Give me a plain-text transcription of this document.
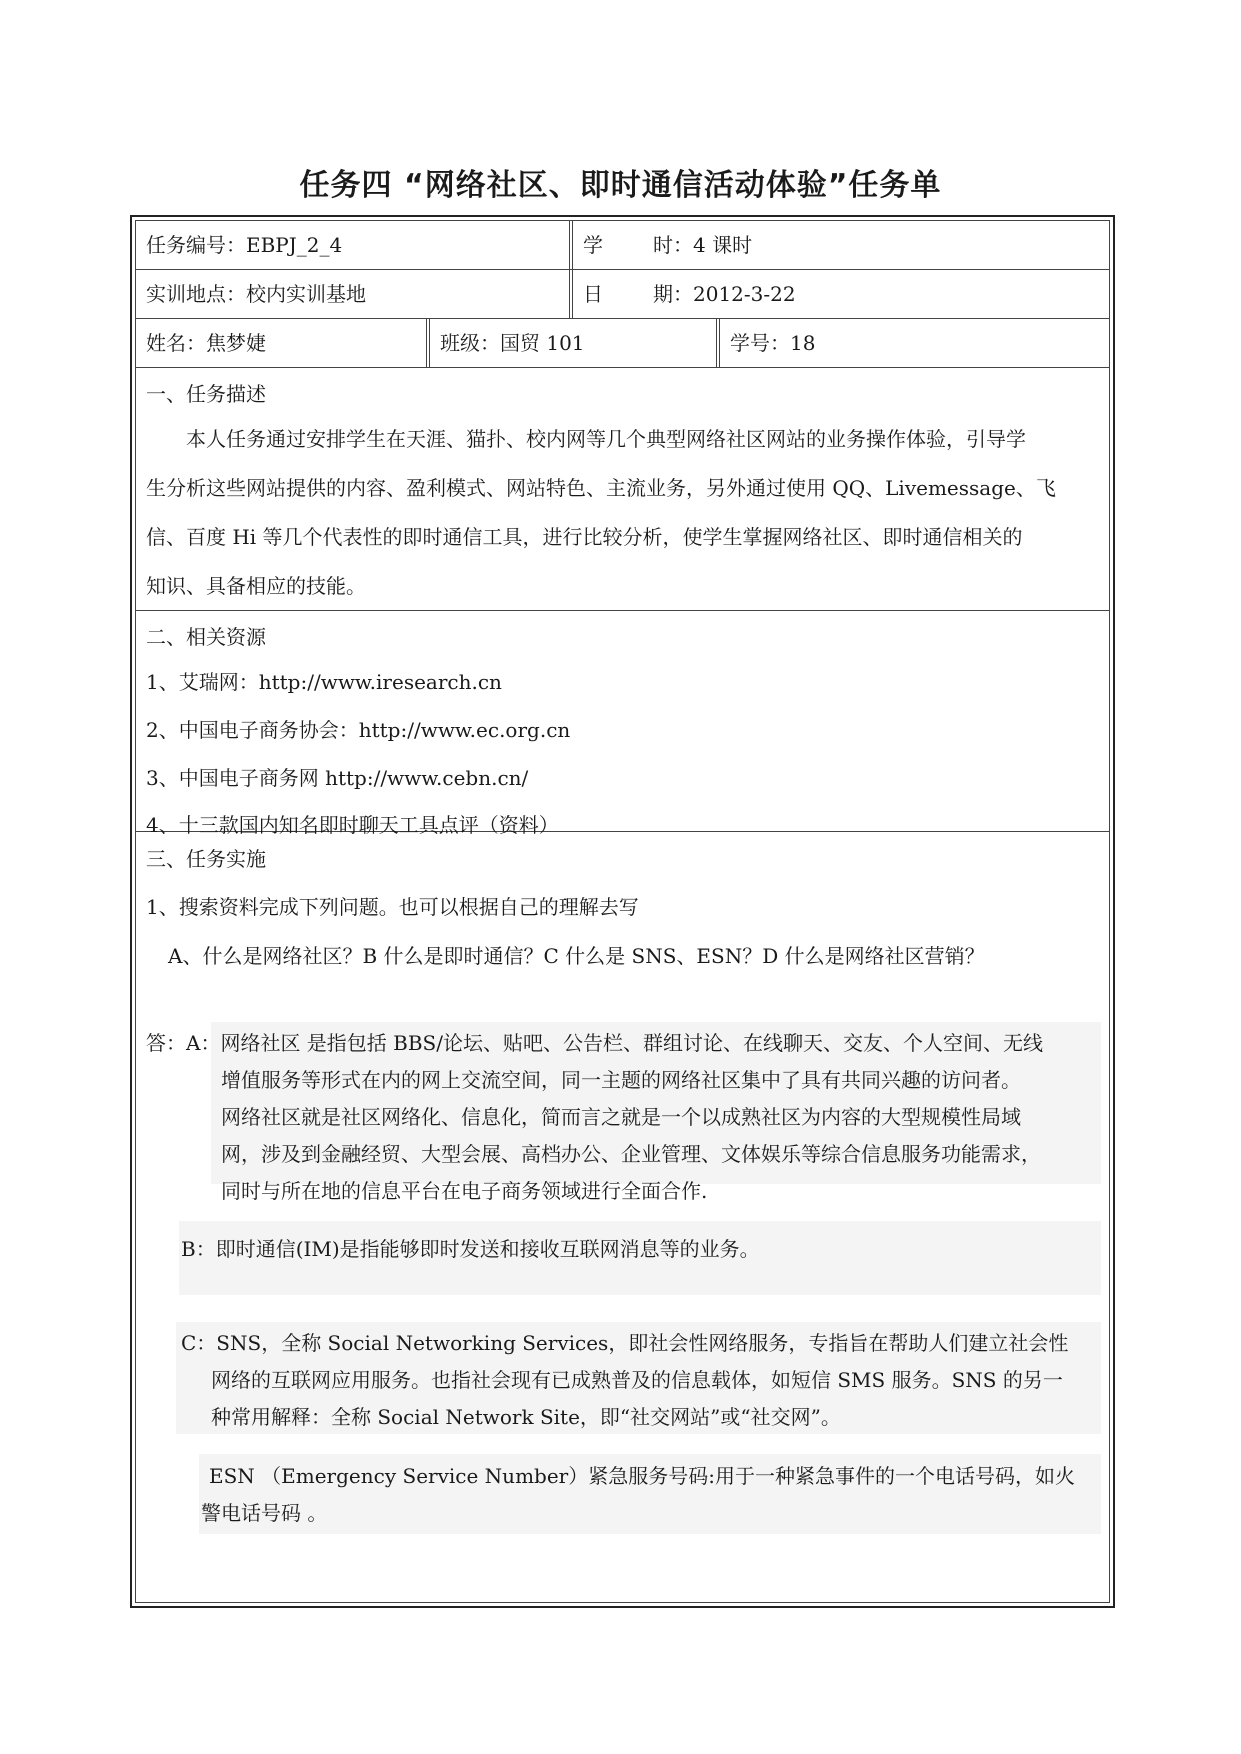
任务四 “网络社区、即时通信活动体验”任务单
任务编号：EBPJ_2_4	学	时：4 课时
实训地点：校内实训基地	日	期：2012-3-22
姓名：焦梦婕	班级：国贸 101	学号：18
一、任务描述
本人任务通过安排学生在天涯、猫扑、校内网等几个典型网络社区网站的业务操作体验，引导学
生分析这些网站提供的内容、盈利模式、网站特色、主流业务，另外通过使用 QQ、Livemessage、飞
信、百度 Hi 等几个代表性的即时通信工具，进行比较分析，使学生掌握网络社区、即时通信相关的
知识、具备相应的技能。
二、相关资源
1、艾瑞网：http://www.iresearch.cn
2、中国电子商务协会：http://www.ec.org.cn
3、中国电子商务网 http://www.cebn.cn/
4、十三款国内知名即时聊天工具点评（资料）
三、任务实施
1、搜索资料完成下列问题。也可以根据自己的理解去写
A、什么是网络社区？B 什么是即时通信？C 什么是 SNS、ESN？D 什么是网络社区营销？
答：A：网络社区 是指包括 BBS/论坛、贴吧、公告栏、群组讨论、在线聊天、交友、个人空间、无线
增值服务等形式在内的网上交流空间，同一主题的网络社区集中了具有共同兴趣的访问者。
网络社区就是社区网络化、信息化，简而言之就是一个以成熟社区为内容的大型规模性局域
网，涉及到金融经贸、大型会展、高档办公、企业管理、文体娱乐等综合信息服务功能需求，
同时与所在地的信息平台在电子商务领域进行全面合作.
B：即时通信(IM)是指能够即时发送和接收互联网消息等的业务。
C：SNS，全称 Social Networking Services，即社会性网络服务，专指旨在帮助人们建立社会性
网络的互联网应用服务。也指社会现有已成熟普及的信息载体，如短信 SMS 服务。SNS 的另一
种常用解释：全称 Social Network Site，即“社交网站”或“社交网”。
ESN （Emergency Service Number）紧急服务号码:用于一种紧急事件的一个电话号码，如火
警电话号码 。
